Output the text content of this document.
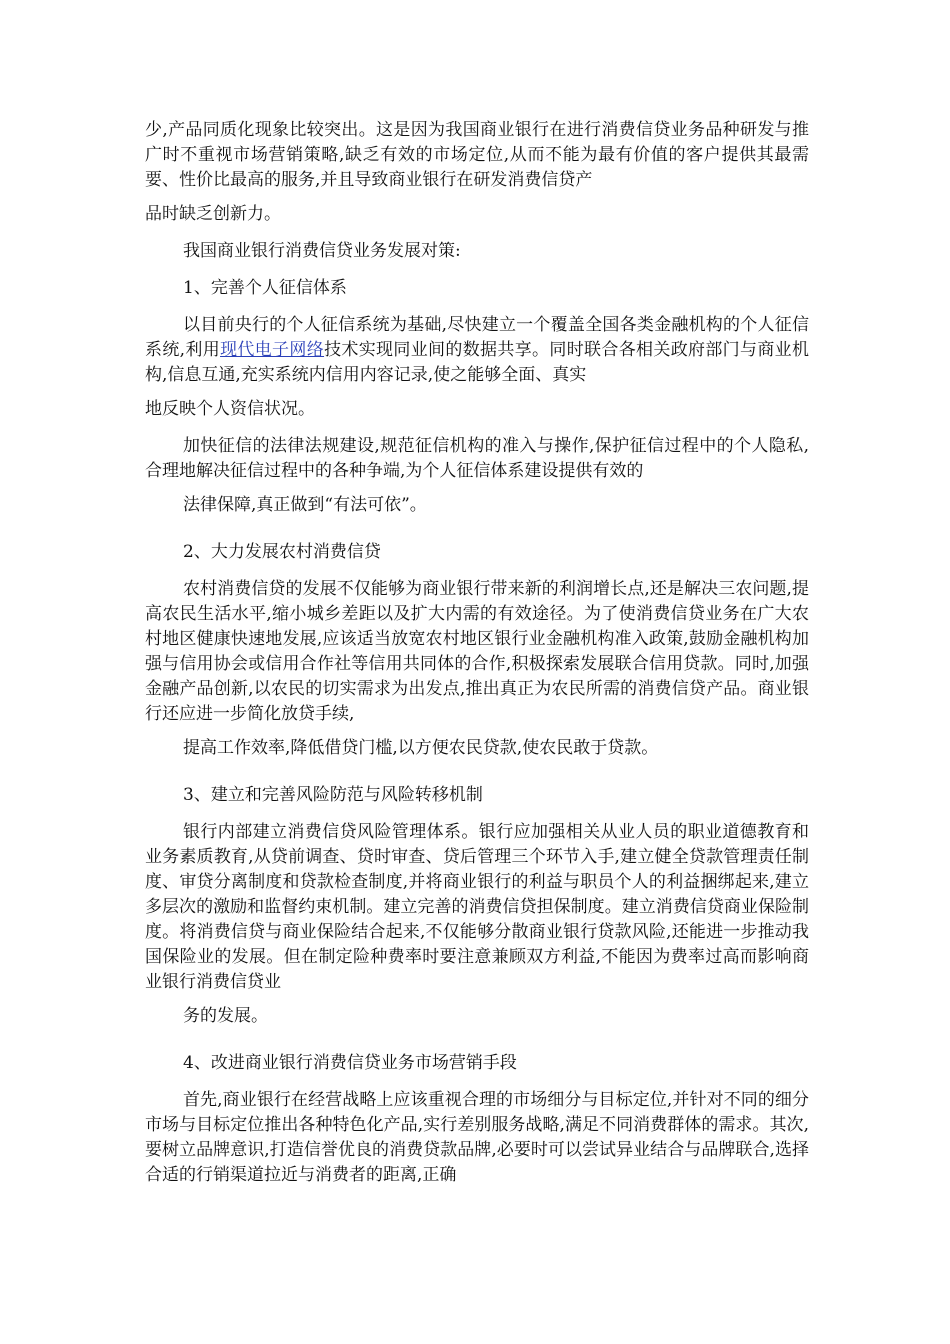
少,产品同质化现象比较突出。这是因为我国商业银行在进行消费信贷业务品种研发与推广时不重视市场营销策略,缺乏有效的市场定位,从而不能为最有价值的客户提供其最需要、性价比最高的服务,并且导致商业银行在研发消费信贷产
品时缺乏创新力。

我国商业银行消费信贷业务发展对策:

1、完善个人征信体系

以目前央行的个人征信系统为基础,尽快建立一个覆盖全国各类金融机构的个人征信系统,利用现代电子网络技术实现同业间的数据共享。同时联合各相关政府部门与商业机构,信息互通,充实系统内信用内容记录,使之能够全面、真实
地反映个人资信状况。

加快征信的法律法规建设,规范征信机构的准入与操作,保护征信过程中的个人隐私,合理地解决征信过程中的各种争端,为个人征信体系建设提供有效的
法律保障,真正做到“有法可依”。

2、大力发展农村消费信贷

农村消费信贷的发展不仅能够为商业银行带来新的利润增长点,还是解决三农问题,提高农民生活水平,缩小城乡差距以及扩大内需的有效途径。为了使消费信贷业务在广大农村地区健康快速地发展,应该适当放宽农村地区银行业金融机构准入政策,鼓励金融机构加强与信用协会或信用合作社等信用共同体的合作,积极探索发展联合信用贷款。同时,加强金融产品创新,以农民的切实需求为出发点,推出真正为农民所需的消费信贷产品。商业银行还应进一步简化放贷手续,
提高工作效率,降低借贷门槛,以方便农民贷款,使农民敢于贷款。

3、建立和完善风险防范与风险转移机制

银行内部建立消费信贷风险管理体系。银行应加强相关从业人员的职业道德教育和业务素质教育,从贷前调查、贷时审查、贷后管理三个环节入手,建立健全贷款管理责任制度、审贷分离制度和贷款检查制度,并将商业银行的利益与职员个人的利益捆绑起来,建立多层次的激励和监督约束机制。建立完善的消费信贷担保制度。建立消费信贷商业保险制度。将消费信贷与商业保险结合起来,不仅能够分散商业银行贷款风险,还能进一步推动我国保险业的发展。但在制定险种费率时要注意兼顾双方利益,不能因为费率过高而影响商业银行消费信贷业
务的发展。

4、改进商业银行消费信贷业务市场营销手段

首先,商业银行在经营战略上应该重视合理的市场细分与目标定位,并针对不同的细分市场与目标定位推出各种特色化产品,实行差别服务战略,满足不同消费群体的需求。其次,要树立品牌意识,打造信誉优良的消费贷款品牌,必要时可以尝试异业结合与品牌联合,选择合适的行销渠道拉近与消费者的距离,正确
